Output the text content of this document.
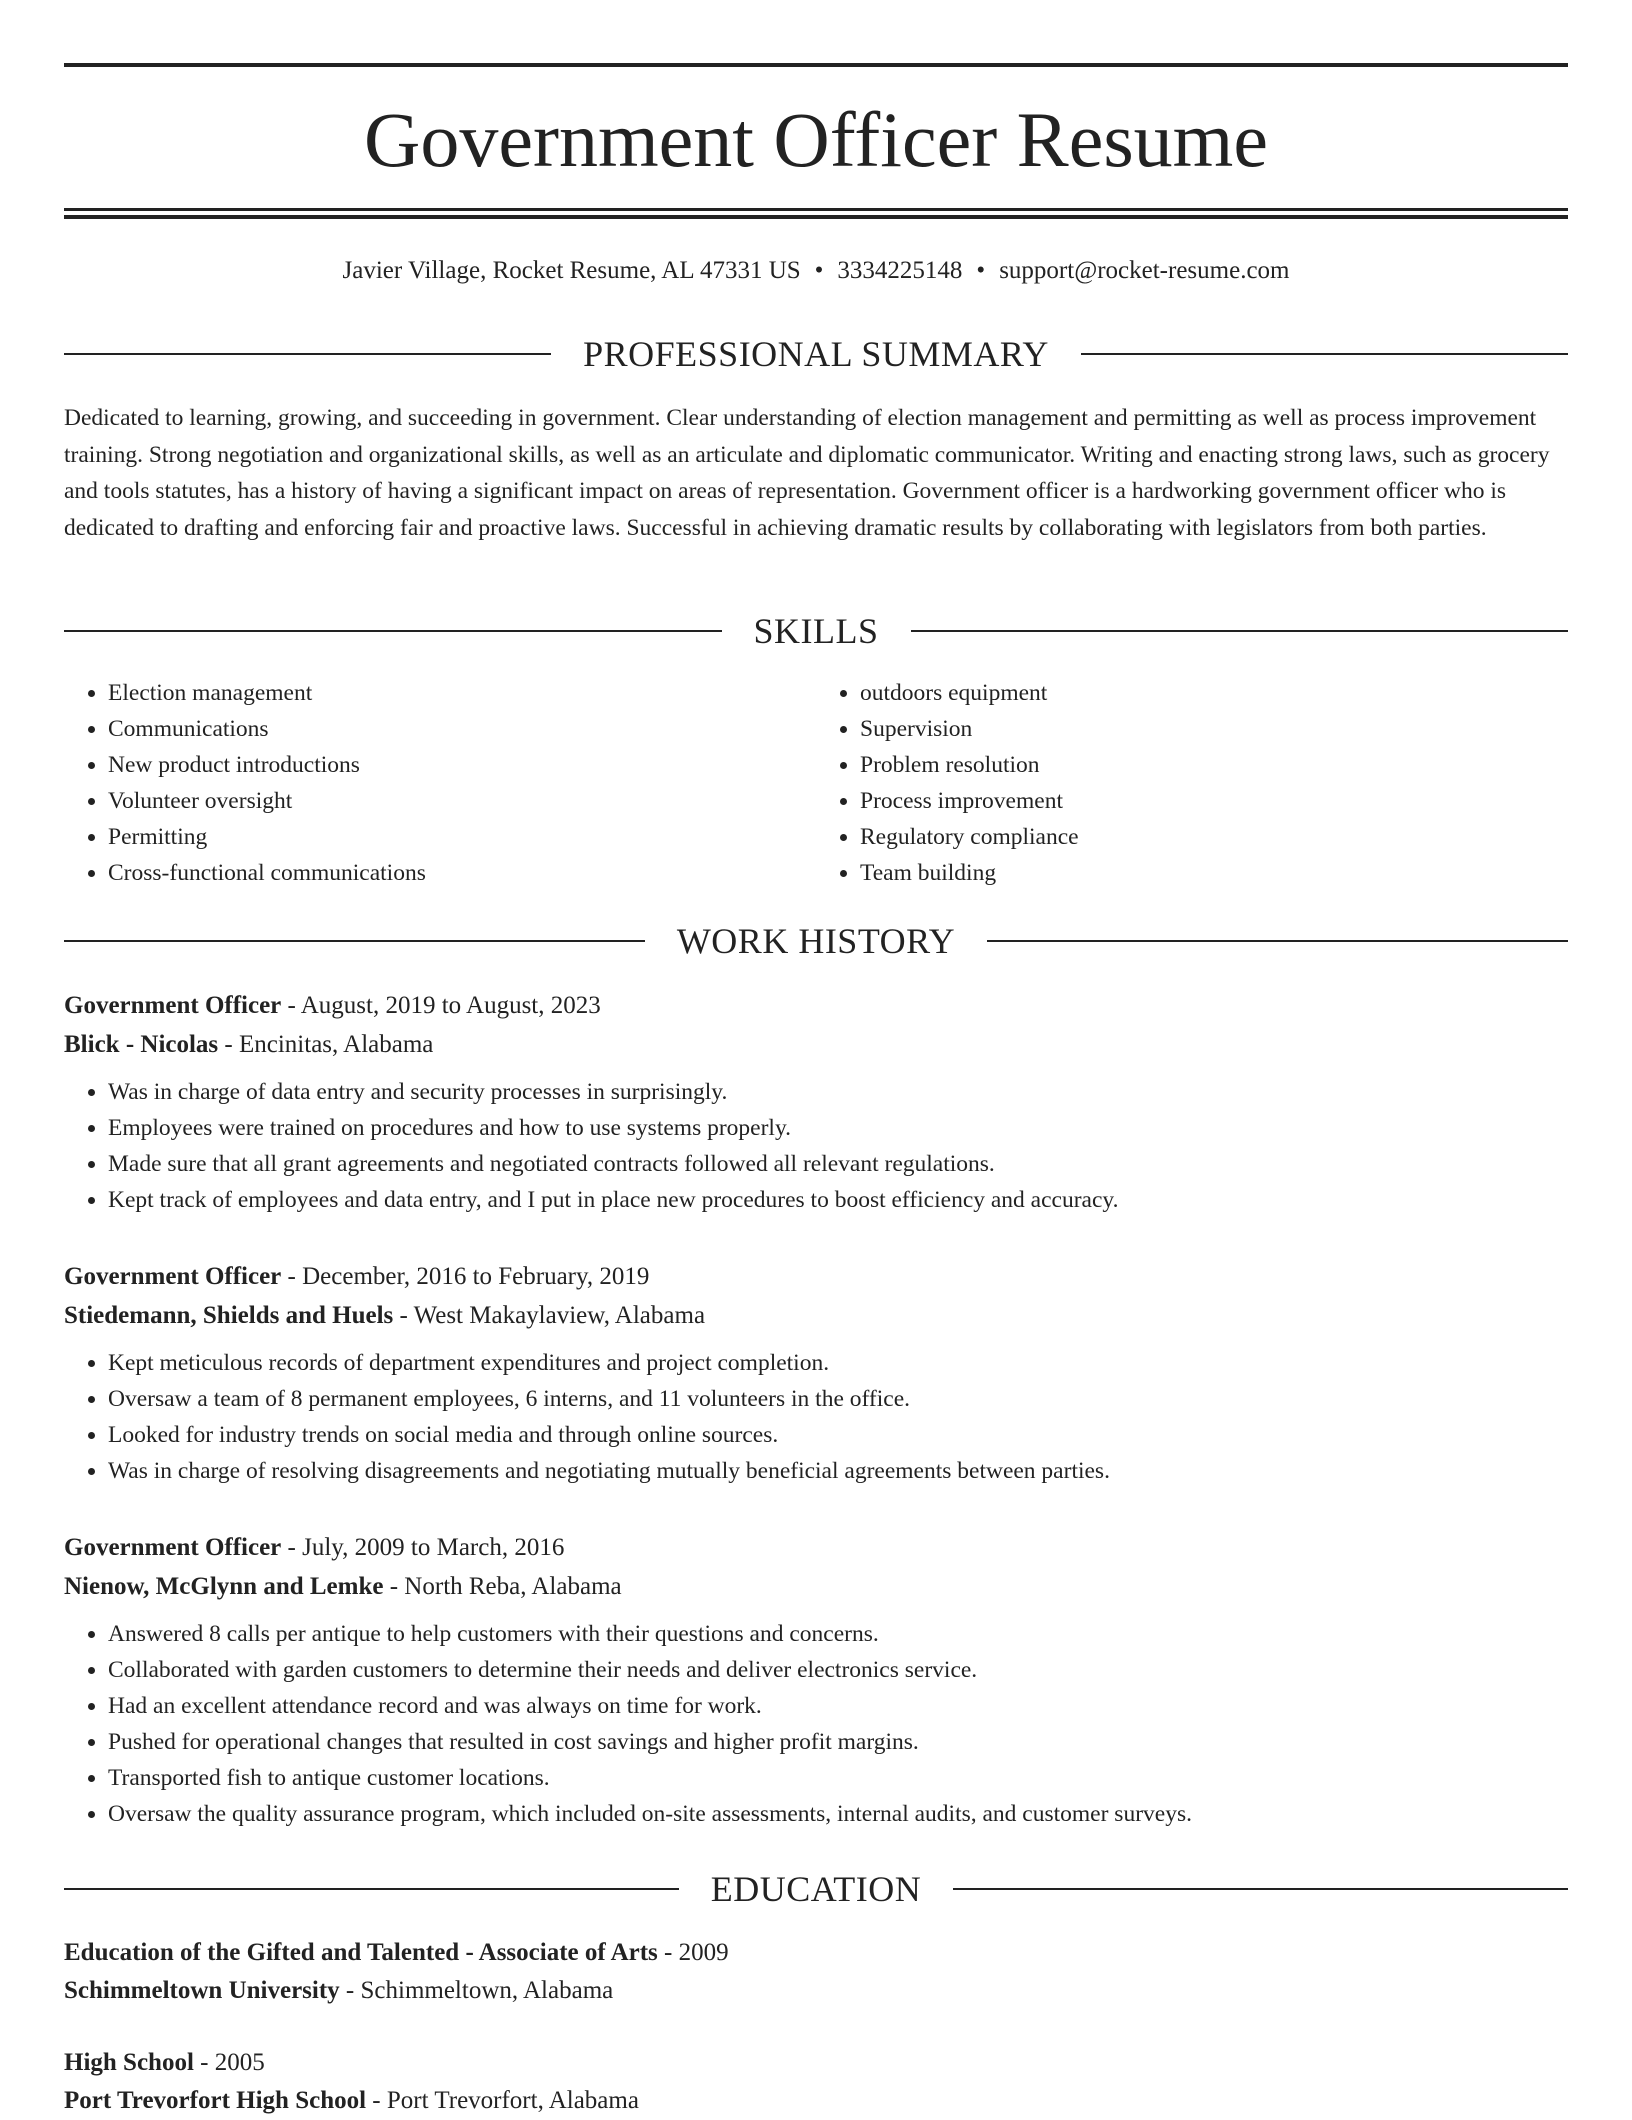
Government Officer Resume
Javier Village, Rocket Resume, AL 47331 US • 3334225148 • support@rocket-resume.com
PROFESSIONAL SUMMARY

Dedicated to learning, growing, and succeeding in government. Clear understanding of election management and permitting as well as process improvement training. Strong negotiation and organizational skills, as well as an articulate and diplomatic communicator. Writing and enacting strong laws, such as grocery and tools statutes, has a history of having a significant impact on areas of representation. Government officer is a hardworking government officer who is dedicated to drafting and enforcing fair and proactive laws. Successful in achieving dramatic results by collaborating with legislators from both parties.

SKILLS
• Election management
• Communications
• New product introductions
• Volunteer oversight
• Permitting
• Cross-functional communications
• outdoors equipment
• Supervision
• Problem resolution
• Process improvement
• Regulatory compliance
• Team building
WORK HISTORY
Government Officer - August, 2019 to August, 2023
Blick - Nicolas - Encinitas, Alabama
• Was in charge of data entry and security processes in surprisingly.
• Employees were trained on procedures and how to use systems properly.
• Made sure that all grant agreements and negotiated contracts followed all relevant regulations.
• Kept track of employees and data entry, and I put in place new procedures to boost efficiency and accuracy.
Government Officer - December, 2016 to February, 2019
Stiedemann, Shields and Huels - West Makaylaview, Alabama
• Kept meticulous records of department expenditures and project completion.
• Oversaw a team of 8 permanent employees, 6 interns, and 11 volunteers in the office.
• Looked for industry trends on social media and through online sources.
• Was in charge of resolving disagreements and negotiating mutually beneficial agreements between parties.
Government Officer - July, 2009 to March, 2016
Nienow, McGlynn and Lemke - North Reba, Alabama
• Answered 8 calls per antique to help customers with their questions and concerns.
• Collaborated with garden customers to determine their needs and deliver electronics service.
• Had an excellent attendance record and was always on time for work.
• Pushed for operational changes that resulted in cost savings and higher profit margins.
• Transported fish to antique customer locations.
• Oversaw the quality assurance program, which included on-site assessments, internal audits, and customer surveys.
EDUCATION
Education of the Gifted and Talented - Associate of Arts - 2009
Schimmeltown University - Schimmeltown, Alabama
High School - 2005
Port Trevorfort High School - Port Trevorfort, Alabama
